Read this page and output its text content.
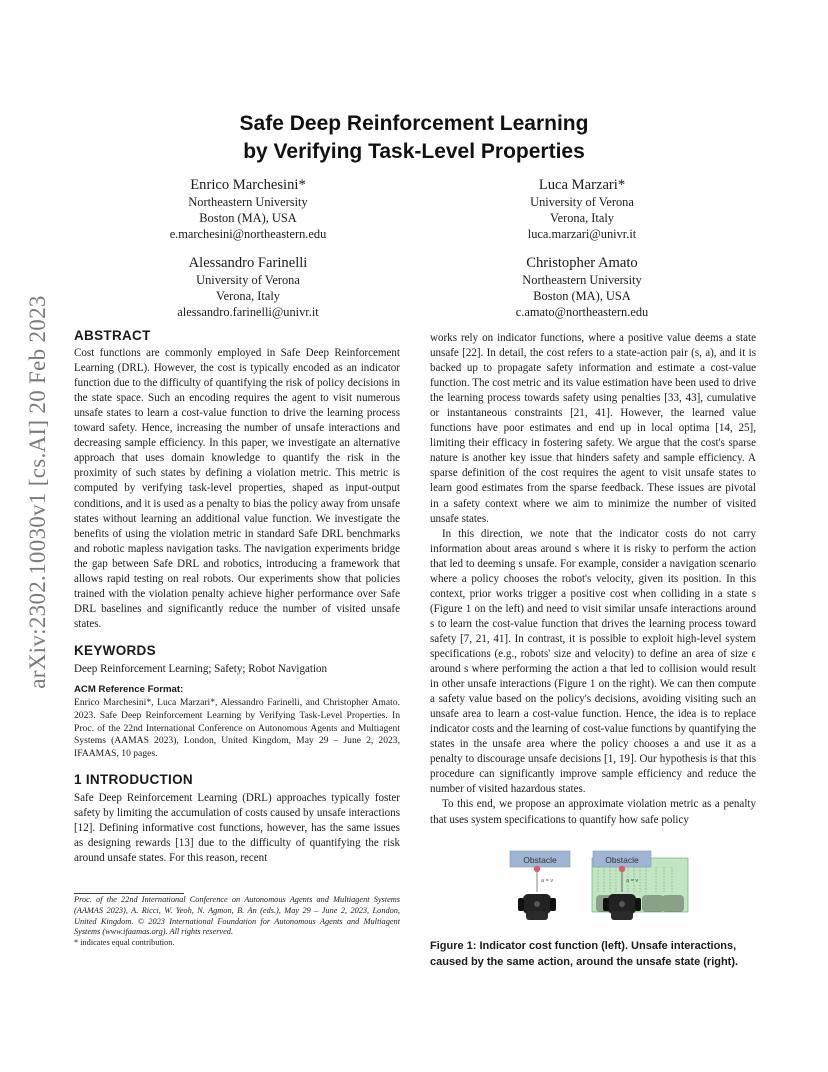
arXiv:2302.10030v1 [cs.AI] 20 Feb 2023
Safe Deep Reinforcement Learning
by Verifying Task-Level Properties
Enrico Marchesini*
Northeastern University
Boston (MA), USA
e.marchesini@northeastern.edu
Luca Marzari*
University of Verona
Verona, Italy
luca.marzari@univr.it
Alessandro Farinelli
University of Verona
Verona, Italy
alessandro.farinelli@univr.it
Christopher Amato
Northeastern University
Boston (MA), USA
c.amato@northeastern.edu
ABSTRACT

Cost functions are commonly employed in Safe Deep Reinforcement Learning (DRL). However, the cost is typically encoded as an indicator function due to the difficulty of quantifying the risk of policy decisions in the state space. Such an encoding requires the agent to visit numerous unsafe states to learn a cost-value function to drive the learning process toward safety. Hence, increasing the number of unsafe interactions and decreasing sample efficiency. In this paper, we investigate an alternative approach that uses domain knowledge to quantify the risk in the proximity of such states by defining a violation metric. This metric is computed by verifying task-level properties, shaped as input-output conditions, and it is used as a penalty to bias the policy away from unsafe states without learning an additional value function. We investigate the benefits of using the violation metric in standard Safe DRL benchmarks and robotic mapless navigation tasks. The navigation experiments bridge the gap between Safe DRL and robotics, introducing a framework that allows rapid testing on real robots. Our experiments show that policies trained with the violation penalty achieve higher performance over Safe DRL baselines and significantly reduce the number of visited unsafe states.

KEYWORDS

Deep Reinforcement Learning; Safety; Robot Navigation

ACM Reference Format:

Enrico Marchesini*, Luca Marzari*, Alessandro Farinelli, and Christopher Amato. 2023. Safe Deep Reinforcement Learning by Verifying Task-Level Properties. In Proc. of the 22nd International Conference on Autonomous Agents and Multiagent Systems (AAMAS 2023), London, United Kingdom, May 29 – June 2, 2023, IFAAMAS, 10 pages.

1 INTRODUCTION

Safe Deep Reinforcement Learning (DRL) approaches typically foster safety by limiting the accumulation of costs caused by unsafe interactions [12]. Defining informative cost functions, however, has the same issues as designing rewards [13] due to the difficulty of quantifying the risk around unsafe states. For this reason, recent

Proc. of the 22nd International Conference on Autonomous Agents and Multiagent Systems (AAMAS 2023), A. Ricci, W. Yeoh, N. Agmon, B. An (eds.), May 29 – June 2, 2023, London, United Kingdom. © 2023 International Foundation for Autonomous Agents and Multiagent Systems (www.ifaamas.org). All rights reserved.

* indicates equal contribution.

works rely on indicator functions, where a positive value deems a state unsafe [22]. In detail, the cost refers to a state-action pair (s, a), and it is backed up to propagate safety information and estimate a cost-value function. The cost metric and its value estimation have been used to drive the learning process towards safety using penalties [33, 43], cumulative or instantaneous constraints [21, 41]. However, the learned value functions have poor estimates and end up in local optima [14, 25], limiting their efficacy in fostering safety. We argue that the cost's sparse nature is another key issue that hinders safety and sample efficiency. A sparse definition of the cost requires the agent to visit unsafe states to learn good estimates from the sparse feedback. These issues are pivotal in a safety context where we aim to minimize the number of visited unsafe states.

In this direction, we note that the indicator costs do not carry information about areas around s where it is risky to perform the action that led to deeming s unsafe. For example, consider a navigation scenario where a policy chooses the robot's velocity, given its position. In this context, prior works trigger a positive cost when colliding in a state s (Figure 1 on the left) and need to visit similar unsafe interactions around s to learn the cost-value function that drives the learning process toward safety [7, 21, 41]. In contrast, it is possible to exploit high-level system specifications (e.g., robots' size and velocity) to define an area of size ϵ around s where performing the action a that led to collision would result in other unsafe interactions (Figure 1 on the right). We can then compute a safety value based on the policy's decisions, avoiding visiting such an unsafe area to learn a cost-value function. Hence, the idea is to replace indicator costs and the learning of cost-value functions by quantifying the states in the unsafe area where the policy chooses a and use it as a penalty to discourage unsafe decisions [1, 19]. Our hypothesis is that this procedure can significantly improve sample efficiency and reduce the number of visited hazardous states.

To this end, we propose an approximate violation metric as a penalty that uses system specifications to quantify how safe policy

Obstacle
a = v
Obstacle
a = v
Figure 1: Indicator cost function (left). Unsafe interactions, caused by the same action, around the unsafe state (right).
